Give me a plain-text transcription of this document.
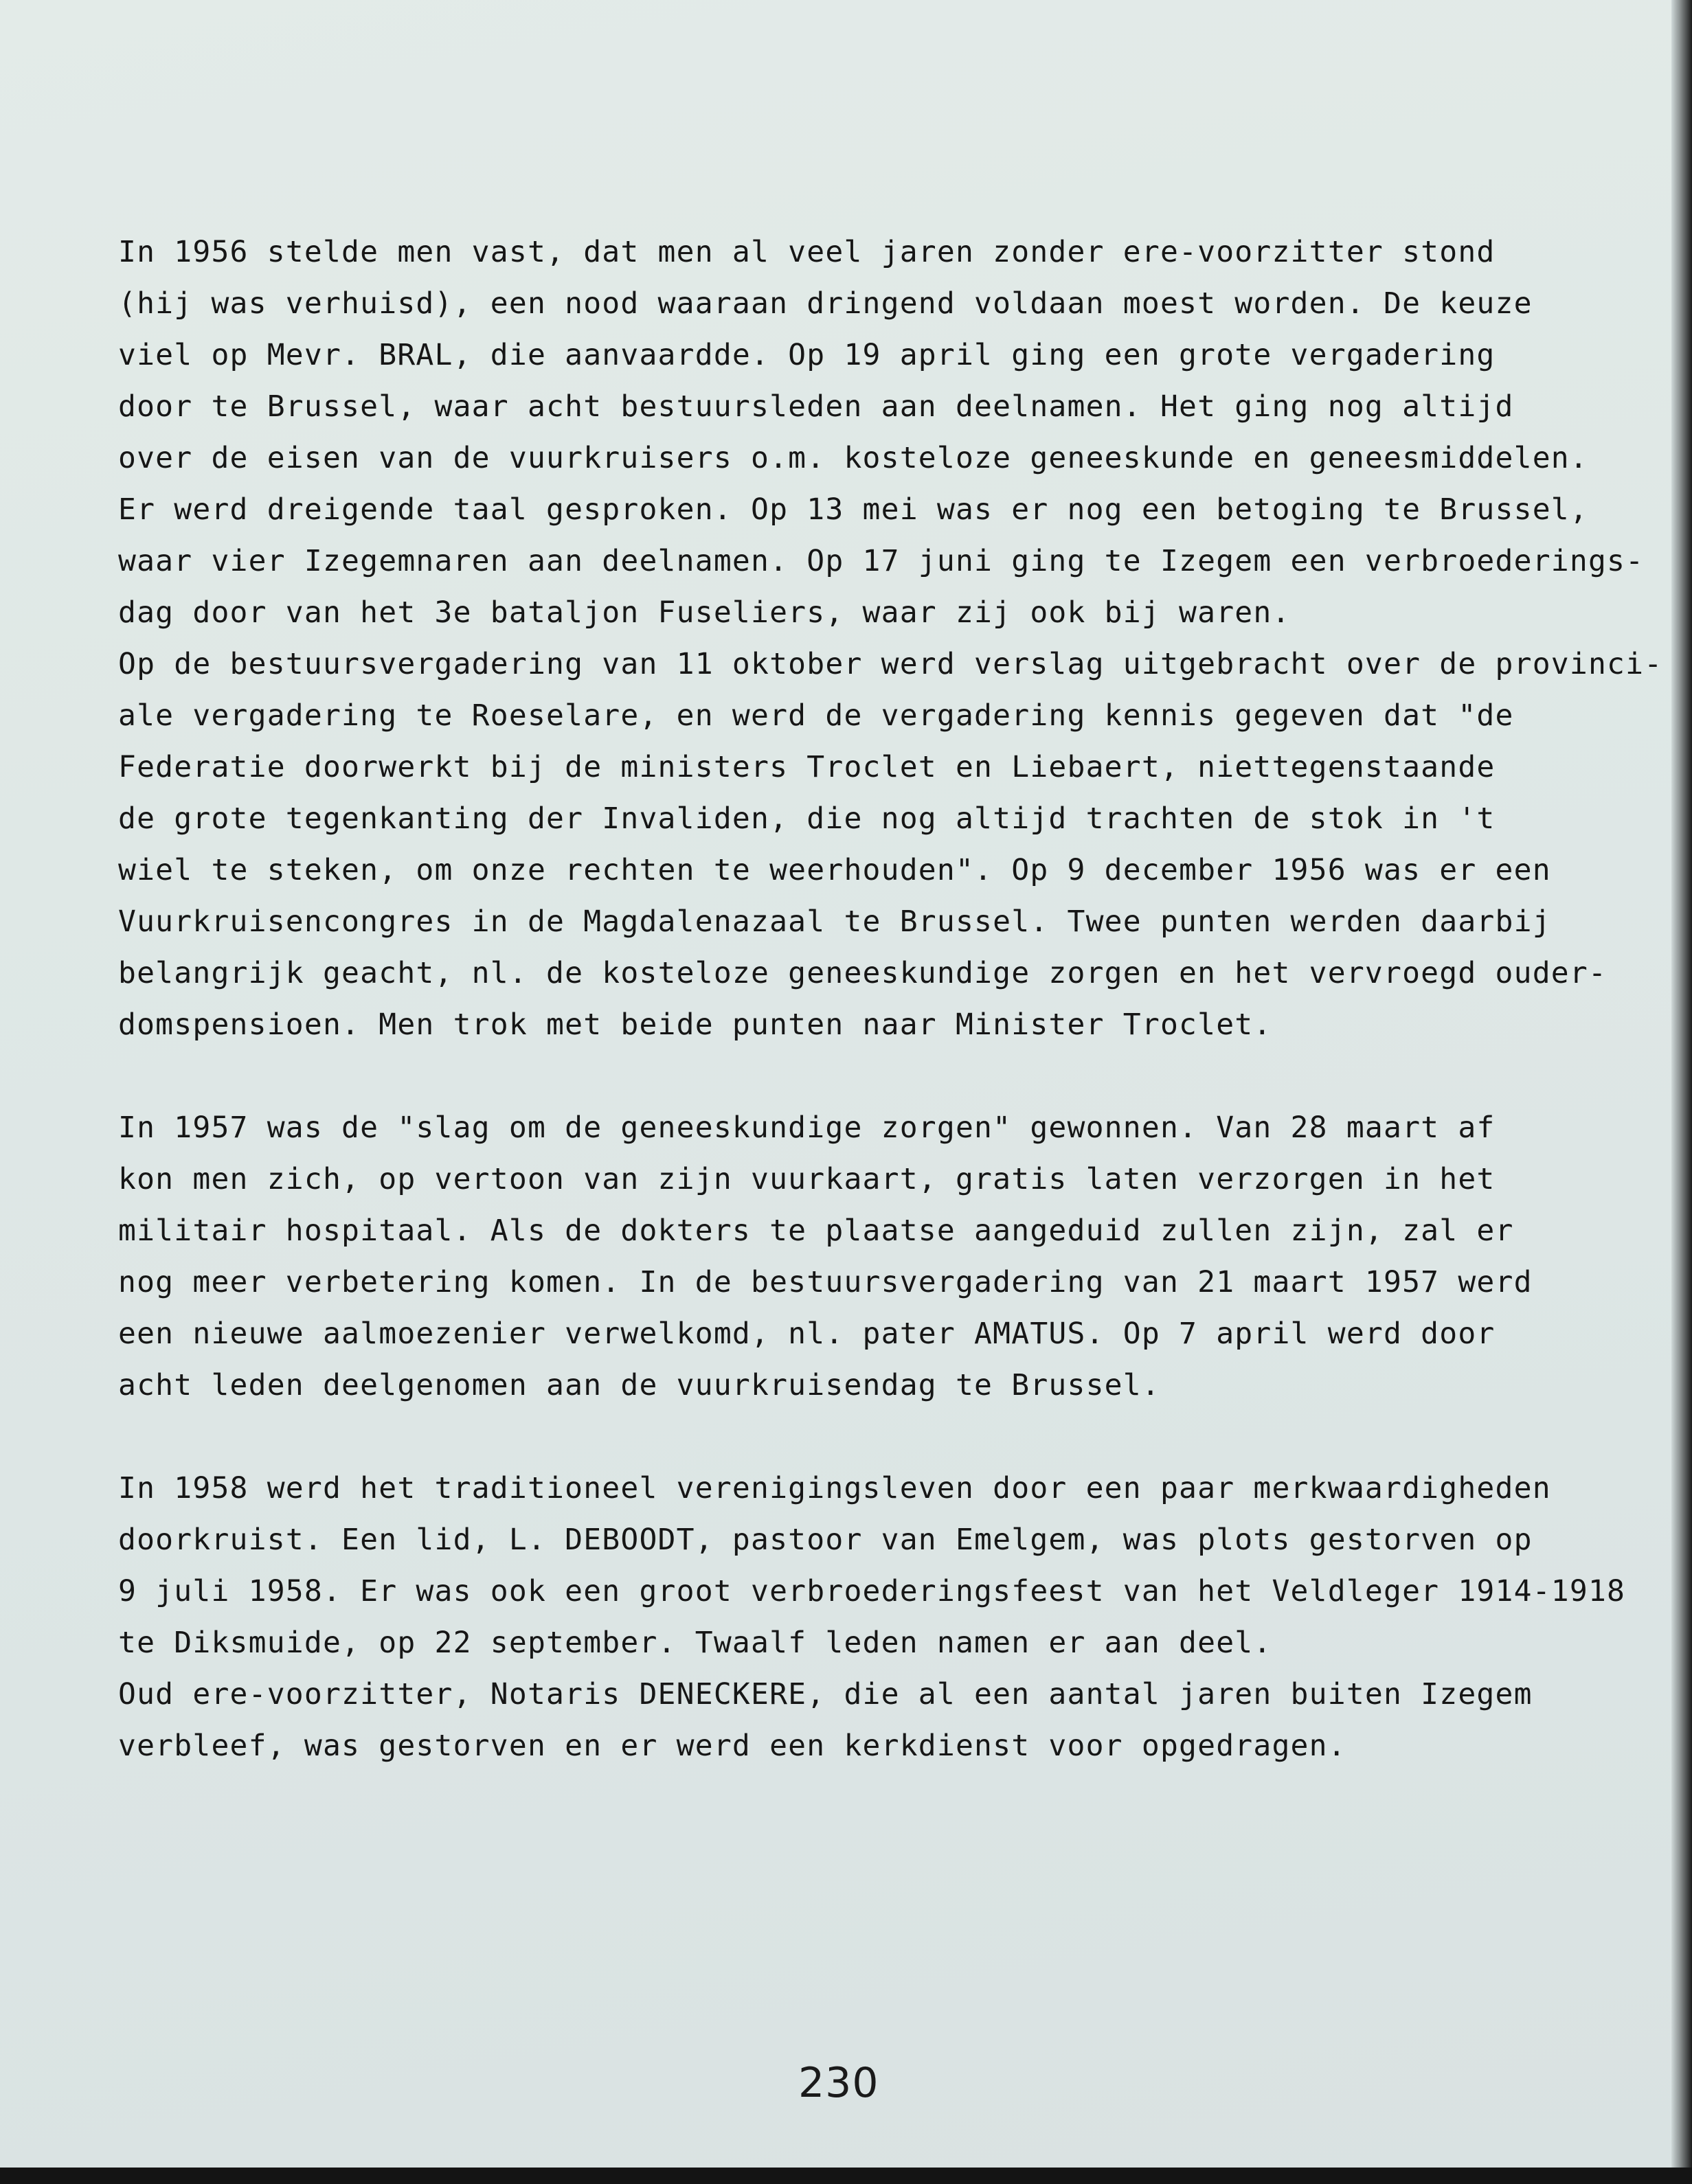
In 1956 stelde men vast, dat men al veel jaren zonder ere-voorzitter stond
(hij was verhuisd), een nood waaraan dringend voldaan moest worden. De keuze
viel op Mevr. BRAL, die aanvaardde. Op 19 april ging een grote vergadering
door te Brussel, waar acht bestuursleden aan deelnamen. Het ging nog altijd
over de eisen van de vuurkruisers o.m. kosteloze geneeskunde en geneesmiddelen.
Er werd dreigende taal gesproken. Op 13 mei was er nog een betoging te Brussel,
waar vier Izegemnaren aan deelnamen. Op 17 juni ging te Izegem een verbroederings-
dag door van het 3e bataljon Fuseliers, waar zij ook bij waren.
Op de bestuursvergadering van 11 oktober werd verslag uitgebracht over de provinci-
ale vergadering te Roeselare, en werd de vergadering kennis gegeven dat "de
Federatie doorwerkt bij de ministers Troclet en Liebaert, niettegenstaande
de grote tegenkanting der Invaliden, die nog altijd trachten de stok in 't
wiel te steken, om onze rechten te weerhouden". Op 9 december 1956 was er een
Vuurkruisencongres in de Magdalenazaal te Brussel. Twee punten werden daarbij
belangrijk geacht, nl. de kosteloze geneeskundige zorgen en het vervroegd ouder-
domspensioen. Men trok met beide punten naar Minister Troclet.
In 1957 was de "slag om de geneeskundige zorgen" gewonnen. Van 28 maart af
kon men zich, op vertoon van zijn vuurkaart, gratis laten verzorgen in het
militair hospitaal. Als de dokters te plaatse aangeduid zullen zijn, zal er
nog meer verbetering komen. In de bestuursvergadering van 21 maart 1957 werd
een nieuwe aalmoezenier verwelkomd, nl. pater AMATUS. Op 7 april werd door
acht leden deelgenomen aan de vuurkruisendag te Brussel.
In 1958 werd het traditioneel verenigingsleven door een paar merkwaardigheden
doorkruist. Een lid, L. DEBOODT, pastoor van Emelgem, was plots gestorven op
9 juli 1958. Er was ook een groot verbroederingsfeest van het Veldleger 1914-1918
te Diksmuide, op 22 september. Twaalf leden namen er aan deel.
Oud ere-voorzitter, Notaris DENECKERE, die al een aantal jaren buiten Izegem
verbleef, was gestorven en er werd een kerkdienst voor opgedragen.
230
